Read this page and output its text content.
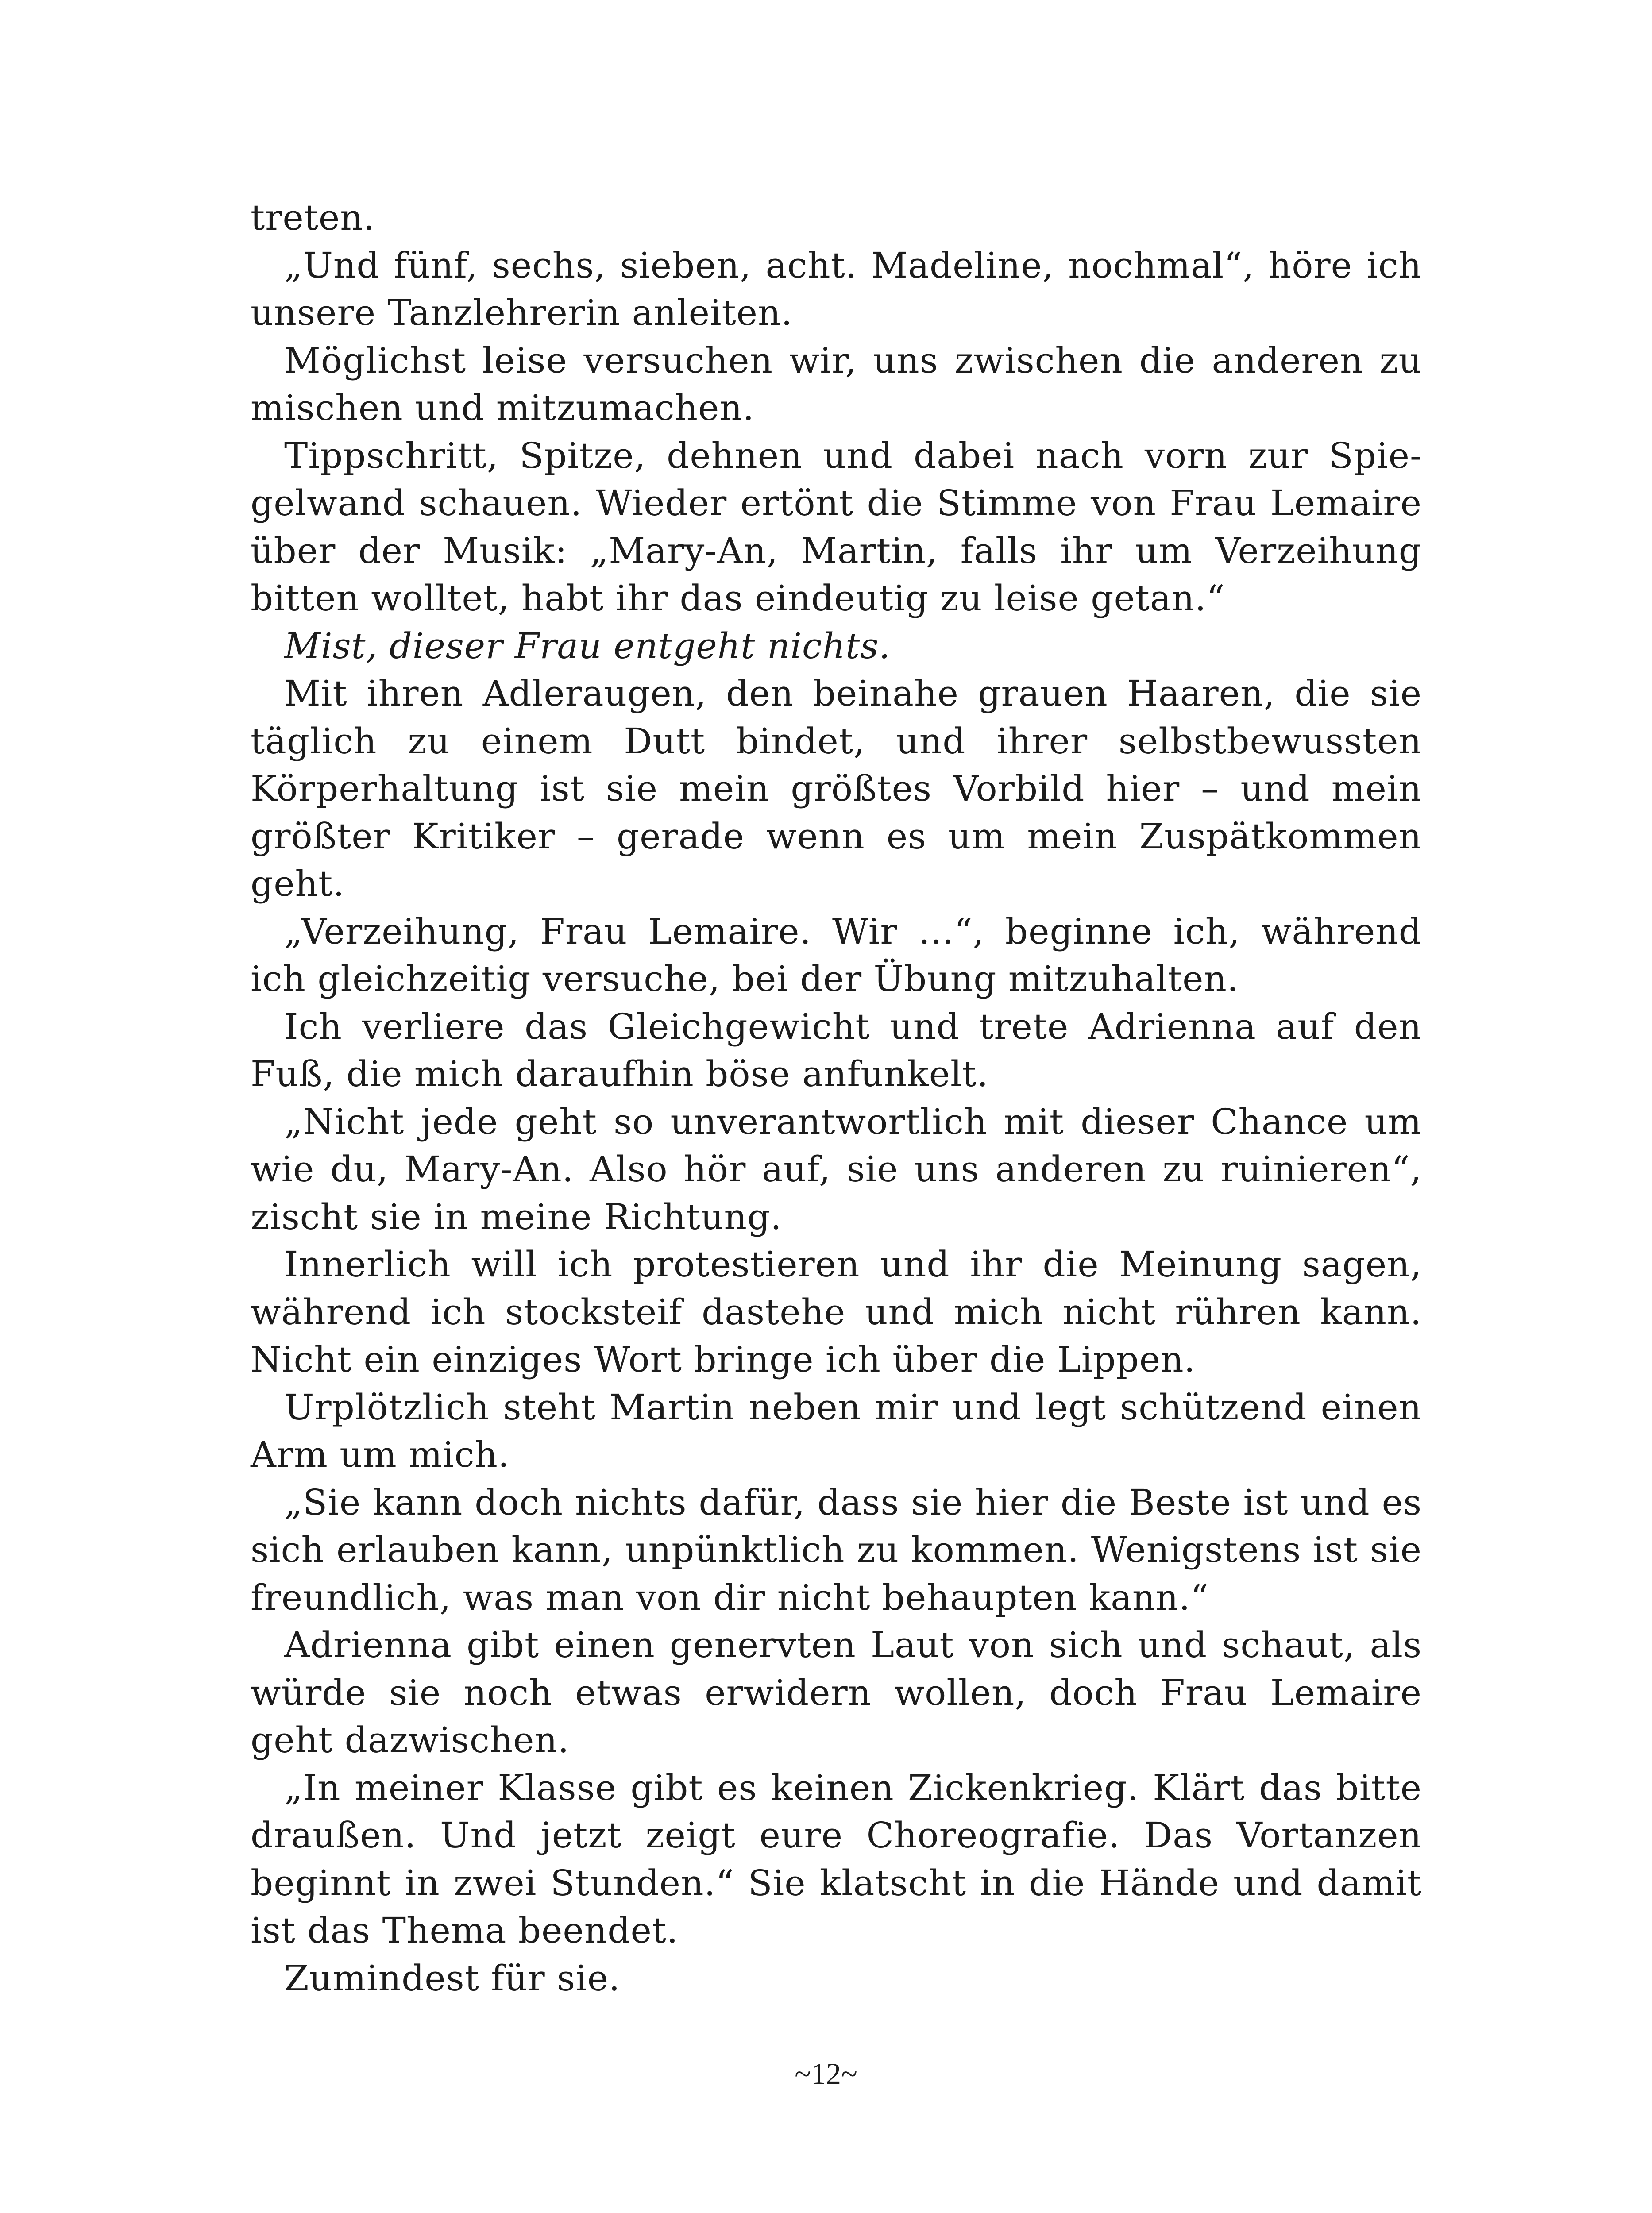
treten.

„Und fünf, sechs, sieben, acht. Madeline, nochmal“, höre ich unsere Tanzlehrerin anleiten.

Möglichst leise versuchen wir, uns zwischen die anderen zu mischen und mitzumachen.

Tippschritt, Spitze, dehnen und dabei nach vorn zur Spiegelwand schauen. Wieder ertönt die Stimme von Frau Lemaire über der Musik: „Mary-An, Martin, falls ihr um Verzeihung bitten wolltet, habt ihr das eindeutig zu leise getan.“

Mist, dieser Frau entgeht nichts.

Mit ihren Adleraugen, den beinahe grauen Haaren, die sie täglich zu einem Dutt bindet, und ihrer selbstbewussten Körperhaltung ist sie mein größtes Vorbild hier – und mein größter Kritiker – gerade wenn es um mein Zuspätkommen geht.

„Verzeihung, Frau Lemaire. Wir …“, beginne ich, während ich gleichzeitig versuche, bei der Übung mitzuhalten.

Ich verliere das Gleichgewicht und trete Adrienna auf den Fuß, die mich daraufhin böse anfunkelt.

„Nicht jede geht so unverantwortlich mit dieser Chance um wie du, Mary-An. Also hör auf, sie uns anderen zu ruinieren“, zischt sie in meine Richtung.

Innerlich will ich protestieren und ihr die Meinung sagen, während ich stocksteif dastehe und mich nicht rühren kann. Nicht ein einziges Wort bringe ich über die Lippen.

Urplötzlich steht Martin neben mir und legt schützend einen Arm um mich.

„Sie kann doch nichts dafür, dass sie hier die Beste ist und es sich erlauben kann, unpünktlich zu kommen. Wenigstens ist sie freundlich, was man von dir nicht behaupten kann.“

Adrienna gibt einen genervten Laut von sich und schaut, als würde sie noch etwas erwidern wollen, doch Frau Lemaire geht dazwischen.

„In meiner Klasse gibt es keinen Zickenkrieg. Klärt das bitte draußen. Und jetzt zeigt eure Choreografie. Das Vortanzen beginnt in zwei Stunden.“ Sie klatscht in die Hände und damit ist das Thema beendet.

Zumindest für sie.

~12~
